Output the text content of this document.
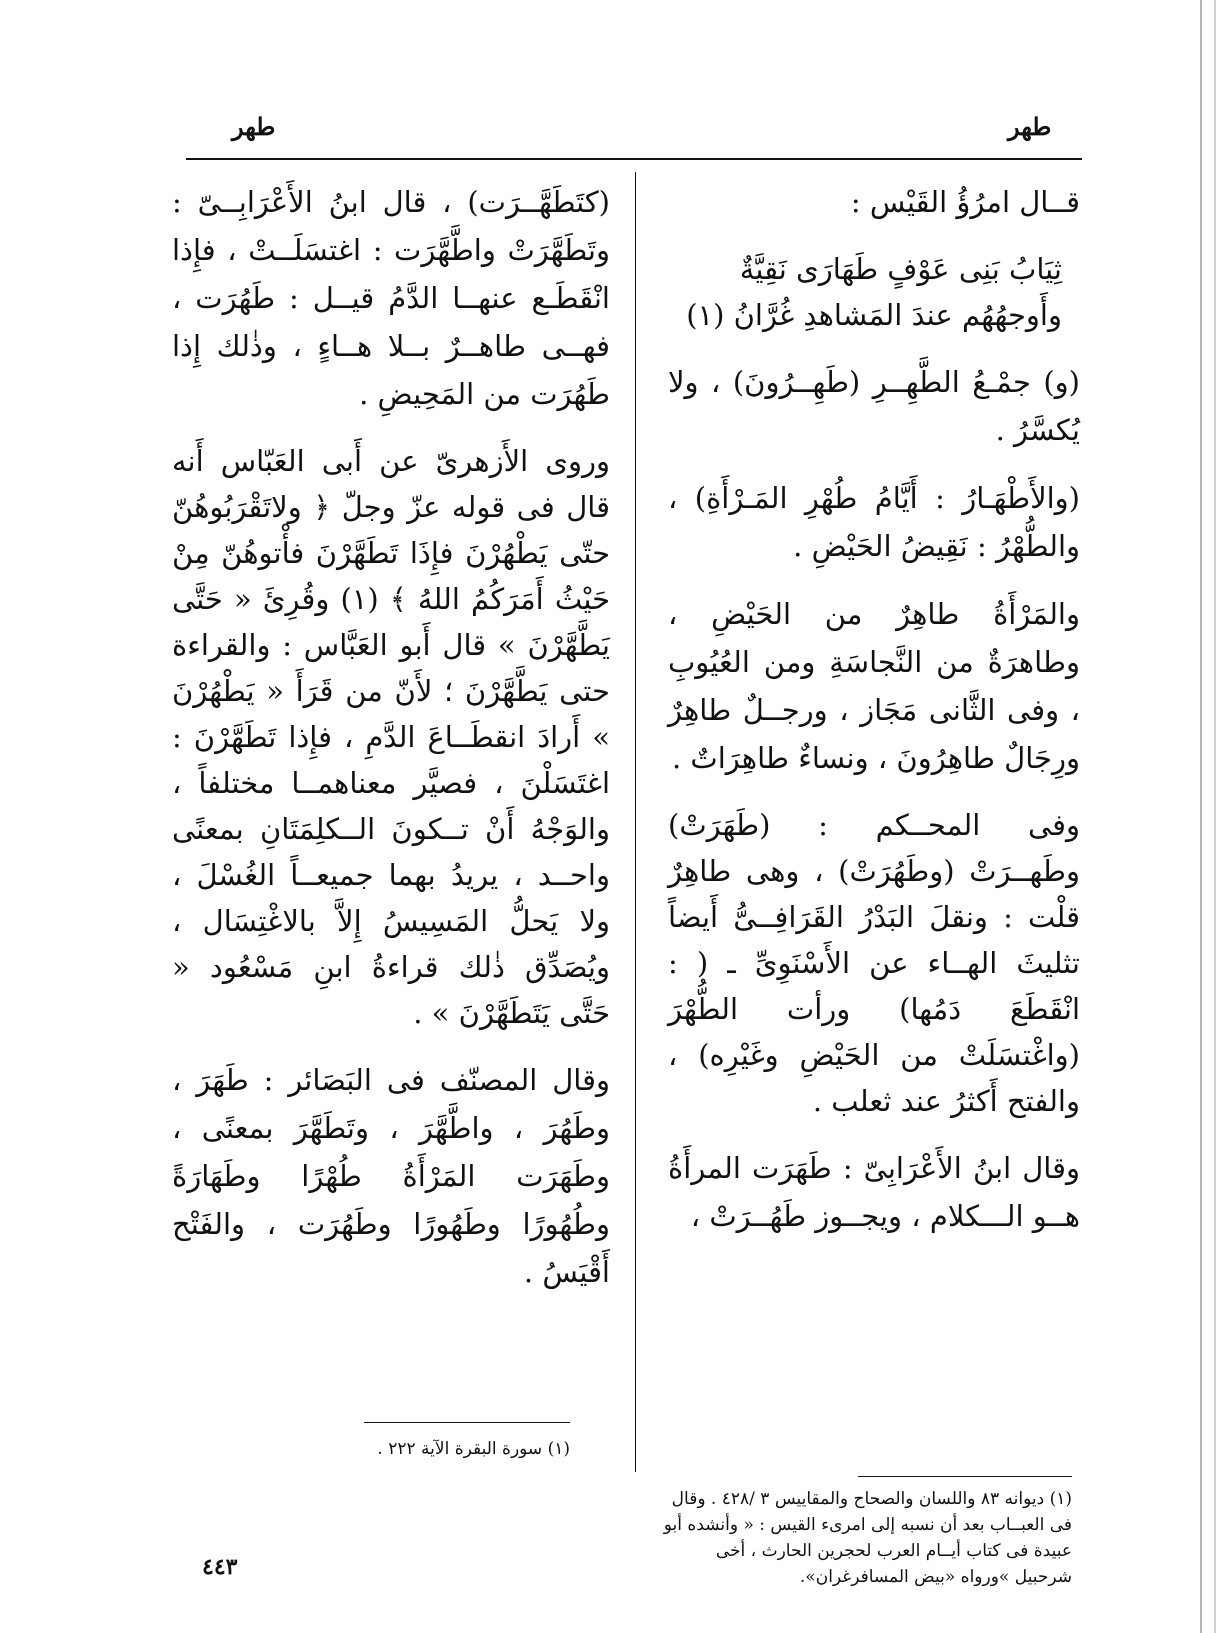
طهر
طهر

قــال امرُؤُ القَيْس :

ثِيَابُ بَنِى عَوْفٍ طَهَارَى نَقِيَّةٌ
وأَوجهُهُم عندَ المَشاهدِ غُرَّانُ (١)

(و) جمْـعُ الطَّهِــرِ (طَهِــرُونَ) ، ولا يُكسَّرُ .

(والأَطْهَـارُ : أَيَّامُ طُهْرِ المَـرْأَةِ) ، والطُّهْرُ : نَقِيضُ الحَيْضِ .

والمَرْأَةُ طاهِرٌ من الحَيْضِ ، وطاهرَةٌ من النَّجاسَةِ ومن العُيُوبِ ، وفى الثَّانى مَجَاز ، ورجــلٌ طاهِرٌ ورِجَالٌ طاهِرُونَ ، ونساءٌ طاهِرَاتٌ .

وفى المحــكم : (طَهَرَتْ) وطَهــرَتْ (وطَهُرَتْ) ، وهى طاهِرٌ قلْت : ونقلَ البَدْرُ القَرَافِــىُّ أَيضاً تثليثَ الهــاء عن الأَسْنَوِىِّ ـ ( : انْقَطَعَ دَمُها) ورأت الطُّهْرَ (واغْتسَلَتْ من الحَيْضِ وغَيْرِه) ، والفتح أَكثرُ عند ثعلب .

وقال ابنُ الأَعْرَابِىّ : طَهَرَت المرأَةُ هــو الـــكلام ، ويجــوز طَهُــرَتْ ،

(كتَطَهَّــرَت) ، قال ابنُ الأَعْرَابِــىّ : وتَطَهَّرَتْ واطَّهَّرَت : اغتسَلَــتْ ، فإِذا انْقَطَـع عنهــا الدَّمُ قيــل : طَهُرَت ، فهــى طاهــرٌ بــلا هــاءٍ ، وذٰلك إِذا طَهُرَت من المَحِيضِ .

وروى الأَزهرىّ عن أَبى العَبّاس أَنه قال فى قوله عزّ وجلّ ﴿ ولاتَقْرَبُوهُنّ حتّى يَطْهُرْنَ فإِذَا تَطَهَّرْنَ فأْتوهُنّ مِنْ حَيْثُ أَمَرَكُمُ اللهُ ﴾ (١) وقُرِئَ « حَتَّى يَطَّهَّرْنَ » قال أَبو العَبَّاس : والقراءة حتى يَطَّهَّرْنَ ؛ لأَنّ من قَرَأَ « يَطْهُرْنَ » أَرادَ انقطَــاعَ الدَّمِ ، فإِذا تَطَهَّرْنَ : اغتَسَلْنَ ، فصيَّر معناهمــا مختلفاً ، والوَجْهُ أَنْ تــكونَ الــكلِمَتَانِ بمعنًى واحــد ، يريدُ بهما جميعــاً الغُسْلَ ، ولا يَحلُّ المَسِيسُ إِلاَّ بالاغْتِسَال ، ويُصَدِّق ذٰلك قراءةُ ابنِ مَسْعُود « حَتَّى يَتَطَهَّرْنَ » .

وقال المصنّف فى البَصَائر : طَهَرَ ، وطَهُرَ ، واطَّهَّرَ ، وتَطَهَّرَ بمعنًى ، وطَهَرَت المَرْأَةُ طُهْرًا وطَهَارَةً وطُهُورًا وطَهُورًا وطَهُرَت ، والفَتْح أَقْيَسُ .

(١) ديوانه ٨٣ واللسان والصحاح والمقاييس ٣ /٤٢٨ . وقال فى العبــاب بعد أن نسبه إلى امرىء القيس : « وأنشده أبو عبيدة فى كتاب أيــام العرب لحجرين الحارث ، أخى شرحبيل »ورواه «بيض المسافرغران».
(١) سورة البقرة الآية ٢٢٢ .
٤٤٣
